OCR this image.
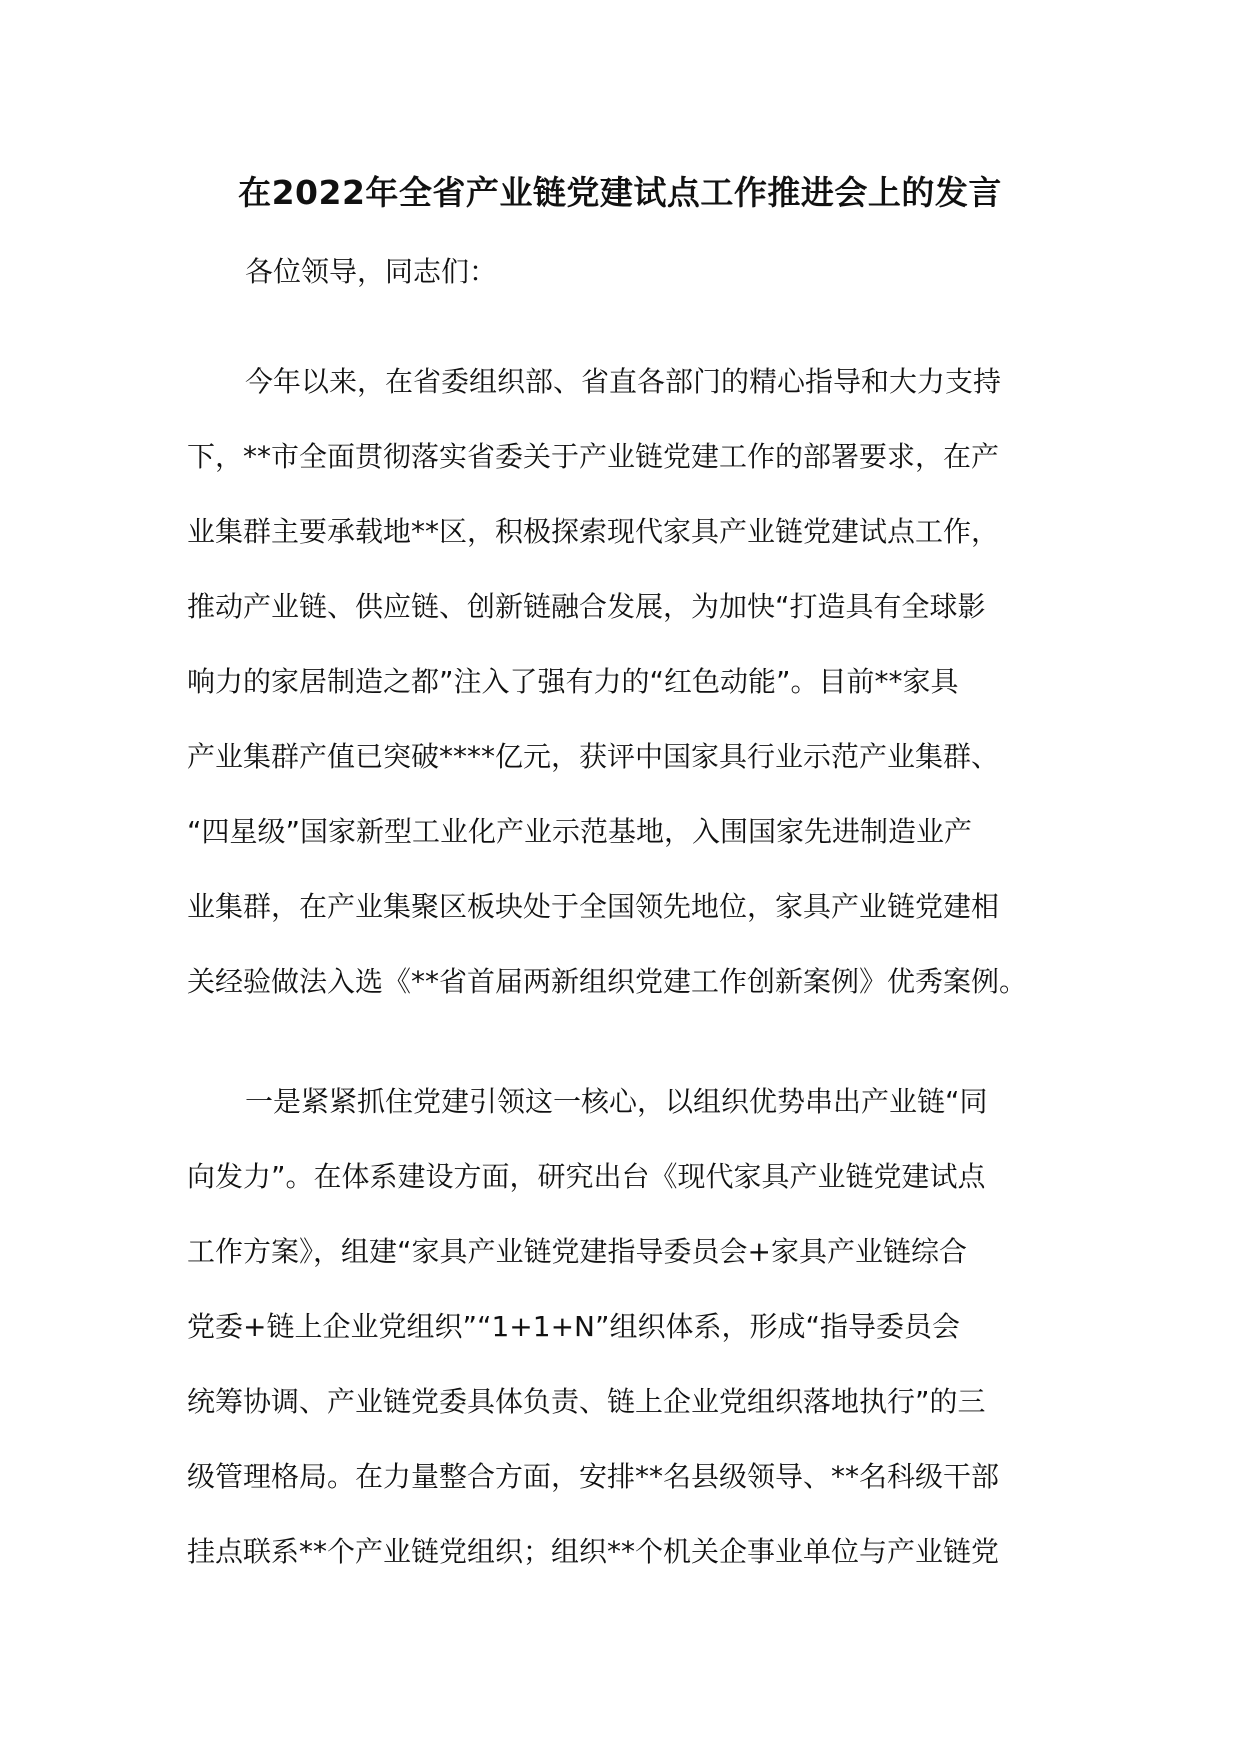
在2022年全省产业链党建试点工作推进会上的发言

各位领导，同志们：

今年以来，在省委组织部、省直各部门的精心指导和大力支持
下，**市全面贯彻落实省委关于产业链党建工作的部署要求，在产
业集群主要承载地**区，积极探索现代家具产业链党建试点工作，
推动产业链、供应链、创新链融合发展，为加快“打造具有全球影
响力的家居制造之都”注入了强有力的“红色动能”。目前**家具
产业集群产值已突破****亿元，获评中国家具行业示范产业集群、
“四星级”国家新型工业化产业示范基地，入围国家先进制造业产
业集群，在产业集聚区板块处于全国领先地位，家具产业链党建相
关经验做法入选《**省首届两新组织党建工作创新案例》优秀案例。
一是紧紧抓住党建引领这一核心，以组织优势串出产业链“同
向发力”。在体系建设方面，研究出台《现代家具产业链党建试点
工作方案》，组建“家具产业链党建指导委员会+家具产业链综合
党委+链上企业党组织”“1+1+N”组织体系，形成“指导委员会
统筹协调、产业链党委具体负责、链上企业党组织落地执行”的三
级管理格局。在力量整合方面，安排**名县级领导、**名科级干部
挂点联系**个产业链党组织；组织**个机关企事业单位与产业链党
